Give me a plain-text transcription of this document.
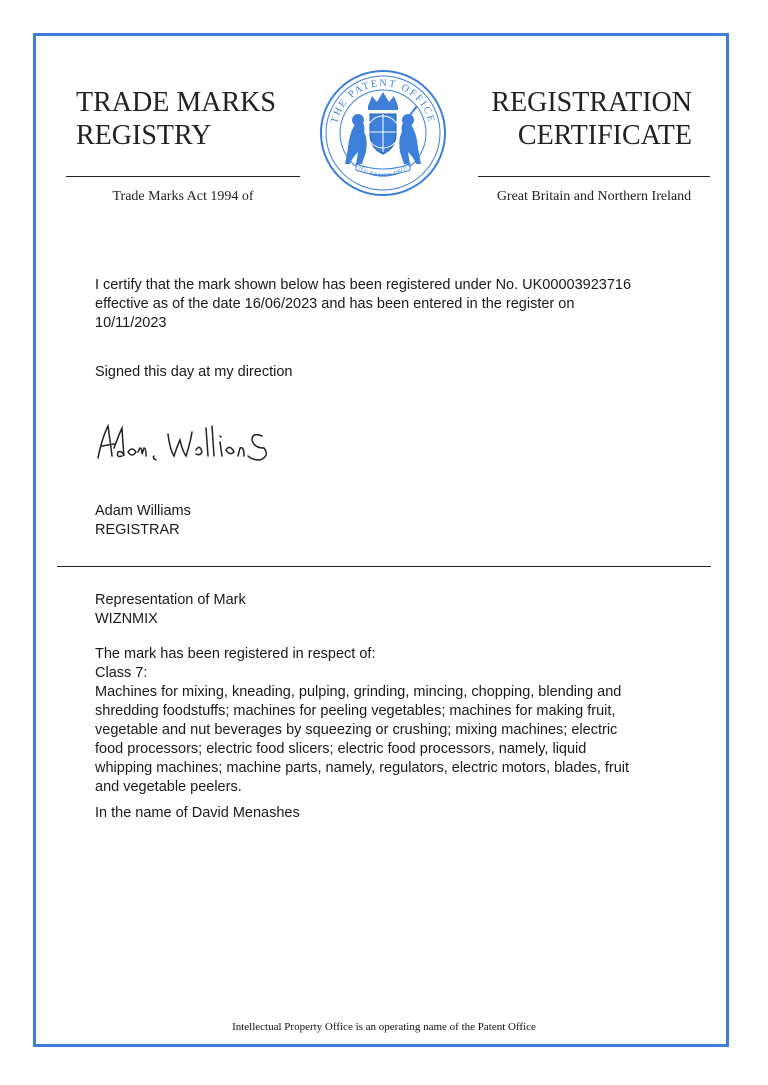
TRADE MARKS
REGISTRY
Trade Marks Act 1994 of
REGISTRATION
CERTIFICATE
Great Britain and Northern Ireland
THE PATENT OFFICE
DIEU ET MON DROIT

I certify that the mark shown below has been registered under No. UK00003923716

effective as of the date 16/06/2023 and has been entered in the register on

10/11/2023

Signed this day at my direction

Adam Williams

REGISTRAR

Representation of Mark

WIZNMIX

The mark has been registered in respect of:

Class 7:

Machines for mixing, kneading, pulping, grinding, mincing, chopping, blending and

shredding foodstuffs; machines for peeling vegetables; machines for making fruit,

vegetable and nut beverages by squeezing or crushing; mixing machines; electric

food processors; electric food slicers; electric food processors, namely, liquid

whipping machines; machine parts, namely, regulators, electric motors, blades, fruit

and vegetable peelers.

In the name of David Menashes
Intellectual Property Office is an operating name of the Patent Office
